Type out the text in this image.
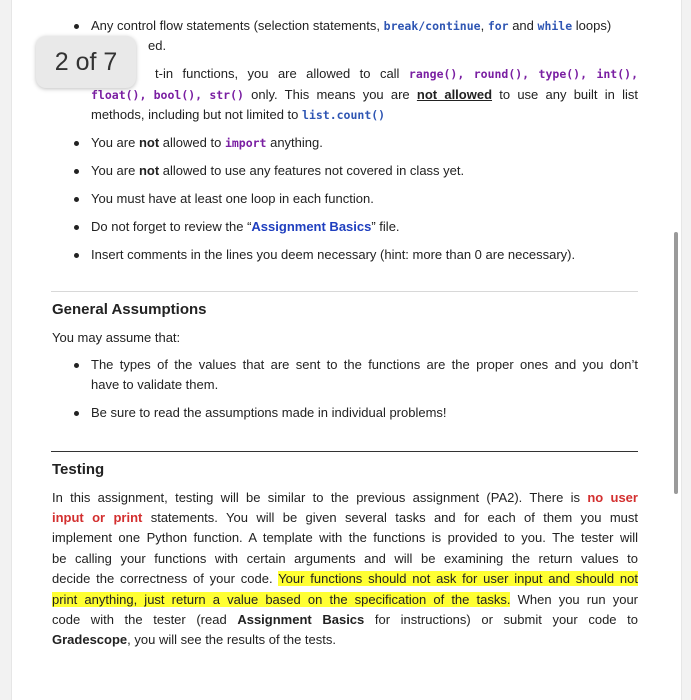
2 of 7
Any control flow statements (selection statements, break/continue, for and while loops)
ed.
t-in functions, you are allowed to call range(), round(), type(), int(),
float(), bool(), str() only. This means you are not allowed to use any built in list
methods, including but not limited to list.count()
You are not allowed to import anything.
You are not allowed to use any features not covered in class yet.
You must have at least one loop in each function.
Do not forget to review the “Assignment Basics” file.
Insert comments in the lines you deem necessary (hint: more than 0 are necessary).
General Assumptions
You may assume that:
The types of the values that are sent to the functions are the proper ones and you don’t
have to validate them.
Be sure to read the assumptions made in individual problems!
Testing
In this assignment, testing will be similar to the previous assignment (PA2). There is no user
input or print statements. You will be given several tasks and for each of them you must
implement one Python function. A template with the functions is provided to you. The tester will
be calling your functions with certain arguments and will be examining the return values to
decide the correctness of your code. Your functions should not ask for user input and should not
print anything, just return a value based on the specification of the tasks. When you run your
code with the tester (read Assignment Basics for instructions) or submit your code to
Gradescope, you will see the results of the tests.
